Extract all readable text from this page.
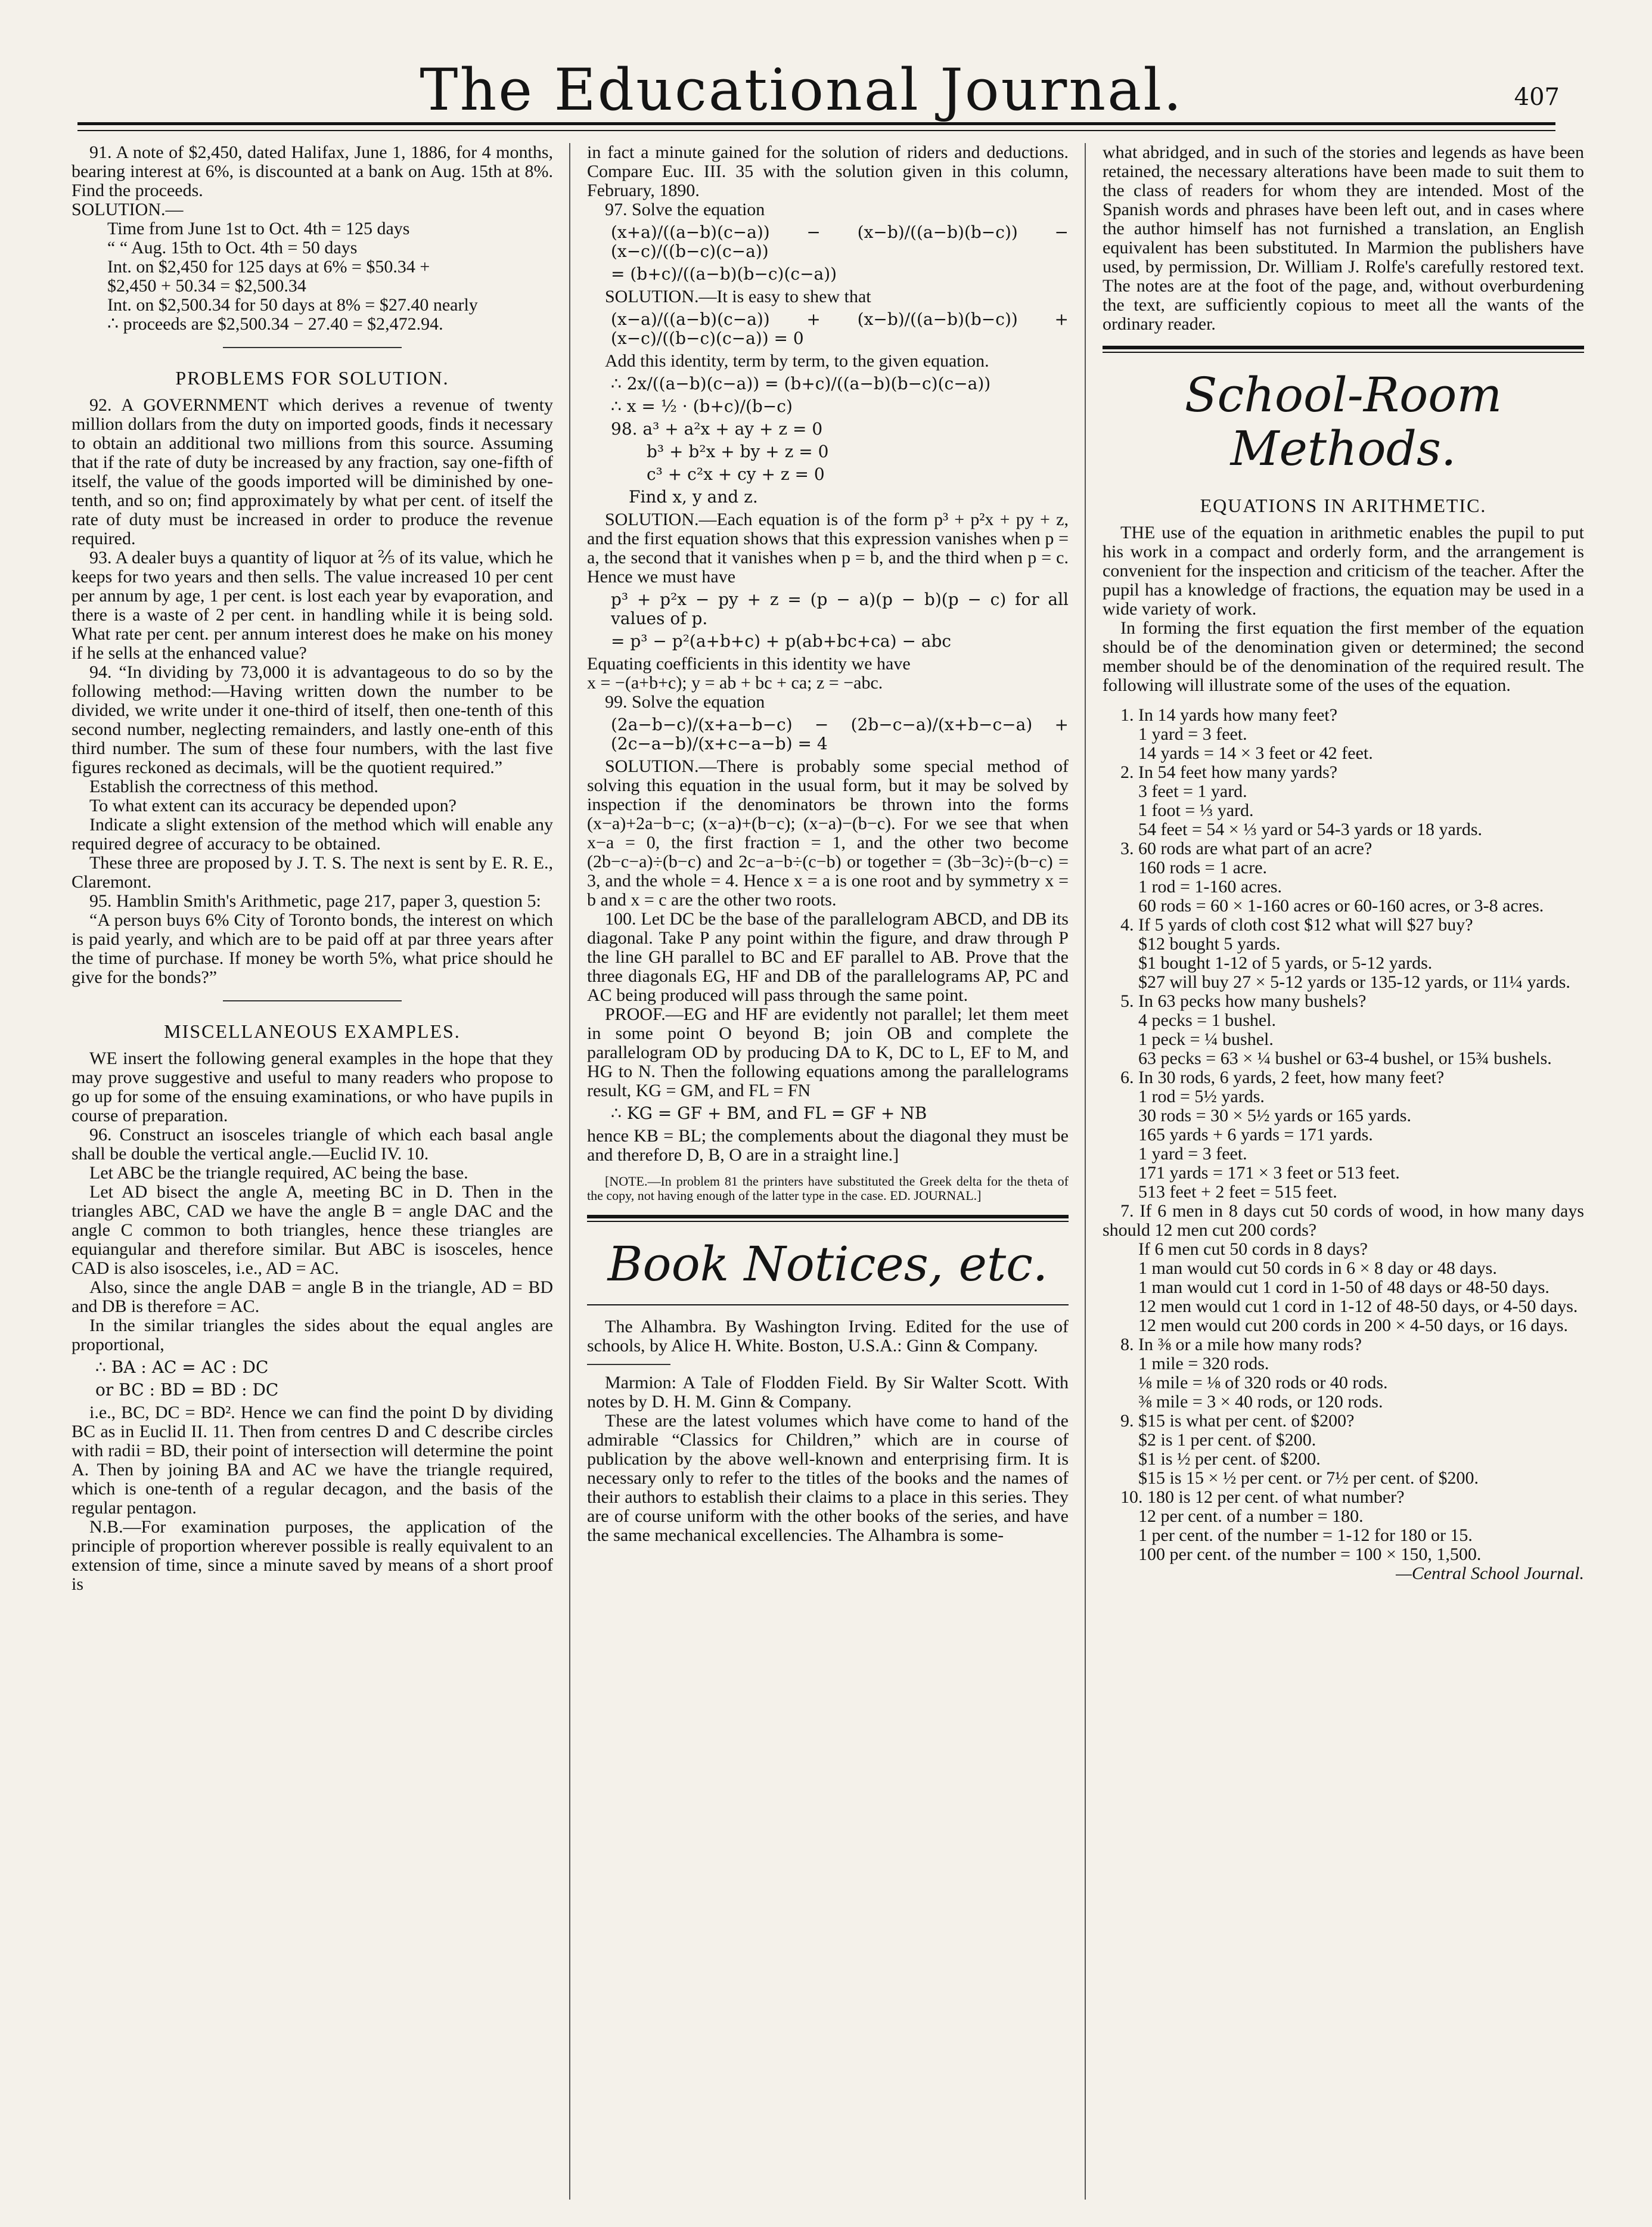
The Educational Journal.	407

91. A note of $2,450, dated Halifax, June 1, 1886, for 4 months, bearing interest at 6%, is discounted at a bank on Aug. 15th at 8%. Find the proceeds.

SOLUTION.—

Time from June 1st to Oct. 4th = 125 days

“ “ Aug. 15th to Oct. 4th = 50 days

Int. on $2,450 for 125 days at 6% = $50.34 +

$2,450 + 50.34 = $2,500.34

Int. on $2,500.34 for 50 days at 8% = $27.40 nearly

∴ proceeds are $2,500.34 − 27.40 = $2,472.94.

PROBLEMS FOR SOLUTION.

92. A GOVERNMENT which derives a revenue of twenty million dollars from the duty on imported goods, finds it necessary to obtain an additional two millions from this source. Assuming that if the rate of duty be increased by any fraction, say one-fifth of itself, the value of the goods imported will be diminished by one-tenth, and so on; find approximately by what per cent. of itself the rate of duty must be increased in order to produce the revenue required.

93. A dealer buys a quantity of liquor at ⅖ of its value, which he keeps for two years and then sells. The value increased 10 per cent per annum by age, 1 per cent. is lost each year by evaporation, and there is a waste of 2 per cent. in handling while it is being sold. What rate per cent. per annum interest does he make on his money if he sells at the enhanced value?

94. “In dividing by 73,000 it is advantageous to do so by the following method:—Having written down the number to be divided, we write under it one-third of itself, then one-tenth of this second number, neglecting remainders, and lastly one-enth of this third number. The sum of these four numbers, with the last five figures reckoned as decimals, will be the quotient required.”

Establish the correctness of this method.

To what extent can its accuracy be depended upon?

Indicate a slight extension of the method which will enable any required degree of accuracy to be obtained.

These three are proposed by J. T. S. The next is sent by E. R. E., Claremont.

95. Hamblin Smith's Arithmetic, page 217, paper 3, question 5:

“A person buys 6% City of Toronto bonds, the interest on which is paid yearly, and which are to be paid off at par three years after the time of purchase. If money be worth 5%, what price should he give for the bonds?”

MISCELLANEOUS EXAMPLES.

WE insert the following general examples in the hope that they may prove suggestive and useful to many readers who propose to go up for some of the ensuing examinations, or who have pupils in course of preparation.

96. Construct an isosceles triangle of which each basal angle shall be double the vertical angle.—Euclid IV. 10.

Let ABC be the triangle required, AC being the base.

Let AD bisect the angle A, meeting BC in D. Then in the triangles ABC, CAD we have the angle B = angle DAC and the angle C common to both triangles, hence these triangles are equiangular and therefore similar. But ABC is isosceles, hence CAD is also isosceles, i.e., AD = AC.

Also, since the angle DAB = angle B in the triangle, AD = BD and DB is therefore = AC.

In the similar triangles the sides about the equal angles are proportional,

∴ BA : AC = AC : DC

or BC : BD = BD : DC

i.e., BC, DC = BD². Hence we can find the point D by dividing BC as in Euclid II. 11. Then from centres D and C describe circles with radii = BD, their point of intersection will determine the point A. Then by joining BA and AC we have the triangle required, which is one-tenth of a regular decagon, and the basis of the regular pentagon.

N.B.—For examination purposes, the application of the principle of proportion wherever possible is really equivalent to an extension of time, since a minute saved by means of a short proof is

in fact a minute gained for the solution of riders and deductions. Compare Euc. III. 35 with the solution given in this column, February, 1890.

97. Solve the equation

(x+a)/((a−b)(c−a)) − (x−b)/((a−b)(b−c)) − (x−c)/((b−c)(c−a))

= (b+c)/((a−b)(b−c)(c−a))

SOLUTION.—It is easy to shew that

(x−a)/((a−b)(c−a)) + (x−b)/((a−b)(b−c)) + (x−c)/((b−c)(c−a)) = 0

Add this identity, term by term, to the given equation.

∴ 2x/((a−b)(c−a)) = (b+c)/((a−b)(b−c)(c−a))

∴ x = ½ · (b+c)/(b−c)

98. a³ + a²x + ay + z = 0

b³ + b²x + by + z = 0

c³ + c²x + cy + z = 0

Find x, y and z.

SOLUTION.—Each equation is of the form p³ + p²x + py + z, and the first equation shows that this expression vanishes when p = a, the second that it vanishes when p = b, and the third when p = c. Hence we must have

p³ + p²x − py + z = (p − a)(p − b)(p − c) for all values of p.

= p³ − p²(a+b+c) + p(ab+bc+ca) − abc

Equating coefficients in this identity we have

x = −(a+b+c); y = ab + bc + ca; z = −abc.

99. Solve the equation

(2a−b−c)/(x+a−b−c) − (2b−c−a)/(x+b−c−a) + (2c−a−b)/(x+c−a−b) = 4

SOLUTION.—There is probably some special method of solving this equation in the usual form, but it may be solved by inspection if the denominators be thrown into the forms (x−a)+2a−b−c; (x−a)+(b−c); (x−a)−(b−c). For we see that when x−a = 0, the first fraction = 1, and the other two become (2b−c−a)÷(b−c) and 2c−a−b÷(c−b) or together = (3b−3c)÷(b−c) = 3, and the whole = 4. Hence x = a is one root and by symmetry x = b and x = c are the other two roots.

100. Let DC be the base of the parallelogram ABCD, and DB its diagonal. Take P any point within the figure, and draw through P the line GH parallel to BC and EF parallel to AB. Prove that the three diagonals EG, HF and DB of the parallelograms AP, PC and AC being produced will pass through the same point.

PROOF.—EG and HF are evidently not parallel; let them meet in some point O beyond B; join OB and complete the parallelogram OD by producing DA to K, DC to L, EF to M, and HG to N. Then the following equations among the parallelograms result, KG = GM, and FL = FN

∴ KG = GF + BM, and FL = GF + NB

hence KB = BL; the complements about the diagonal they must be and therefore D, B, O are in a straight line.]

[NOTE.—In problem 81 the printers have substituted the Greek delta for the theta of the copy, not having enough of the latter type in the case. ED. JOURNAL.]

Book Notices, etc.

The Alhambra. By Washington Irving. Edited for the use of schools, by Alice H. White. Boston, U.S.A.: Ginn & Company.

Marmion: A Tale of Flodden Field. By Sir Walter Scott. With notes by D. H. M. Ginn & Company.

These are the latest volumes which have come to hand of the admirable “Classics for Children,” which are in course of publication by the above well-known and enterprising firm. It is necessary only to refer to the titles of the books and the names of their authors to establish their claims to a place in this series. They are of course uniform with the other books of the series, and have the same mechanical excellencies. The Alhambra is some-

what abridged, and in such of the stories and legends as have been retained, the necessary alterations have been made to suit them to the class of readers for whom they are intended. Most of the Spanish words and phrases have been left out, and in cases where the author himself has not furnished a translation, an English equivalent has been substituted. In Marmion the publishers have used, by permission, Dr. William J. Rolfe's carefully restored text. The notes are at the foot of the page, and, without overburdening the text, are sufficiently copious to meet all the wants of the ordinary reader.

School-Room Methods.

EQUATIONS IN ARITHMETIC.

THE use of the equation in arithmetic enables the pupil to put his work in a compact and orderly form, and the arrangement is convenient for the inspection and criticism of the teacher. After the pupil has a knowledge of fractions, the equation may be used in a wide variety of work.

In forming the first equation the first member of the equation should be of the denomination given or determined; the second member should be of the denomination of the required result. The following will illustrate some of the uses of the equation.

1. In 14 yards how many feet?

1 yard = 3 feet.

14 yards = 14 × 3 feet or 42 feet.

2. In 54 feet how many yards?

3 feet = 1 yard.

1 foot = ⅓ yard.

54 feet = 54 × ⅓ yard or 54-3 yards or 18 yards.

3. 60 rods are what part of an acre?

160 rods = 1 acre.

1 rod = 1-160 acres.

60 rods = 60 × 1-160 acres or 60-160 acres, or 3-8 acres.

4. If 5 yards of cloth cost $12 what will $27 buy?

$12 bought 5 yards.

$1 bought 1-12 of 5 yards, or 5-12 yards.

$27 will buy 27 × 5-12 yards or 135-12 yards, or 11¼ yards.

5. In 63 pecks how many bushels?

4 pecks = 1 bushel.

1 peck = ¼ bushel.

63 pecks = 63 × ¼ bushel or 63-4 bushel, or 15¾ bushels.

6. In 30 rods, 6 yards, 2 feet, how many feet?

1 rod = 5½ yards.

30 rods = 30 × 5½ yards or 165 yards.

165 yards + 6 yards = 171 yards.

1 yard = 3 feet.

171 yards = 171 × 3 feet or 513 feet.

513 feet + 2 feet = 515 feet.

7. If 6 men in 8 days cut 50 cords of wood, in how many days should 12 men cut 200 cords?

If 6 men cut 50 cords in 8 days?

1 man would cut 50 cords in 6 × 8 day or 48 days.

1 man would cut 1 cord in 1-50 of 48 days or 48-50 days.

12 men would cut 1 cord in 1-12 of 48-50 days, or 4-50 days.

12 men would cut 200 cords in 200 × 4-50 days, or 16 days.

8. In ⅜ or a mile how many rods?

1 mile = 320 rods.

⅛ mile = ⅛ of 320 rods or 40 rods.

⅜ mile = 3 × 40 rods, or 120 rods.

9. $15 is what per cent. of $200?

$2 is 1 per cent. of $200.

$1 is ½ per cent. of $200.

$15 is 15 × ½ per cent. or 7½ per cent. of $200.

10. 180 is 12 per cent. of what number?

12 per cent. of a number = 180.

1 per cent. of the number = 1-12 for 180 or 15.

100 per cent. of the number = 100 × 150, 1,500.

—Central School Journal.
